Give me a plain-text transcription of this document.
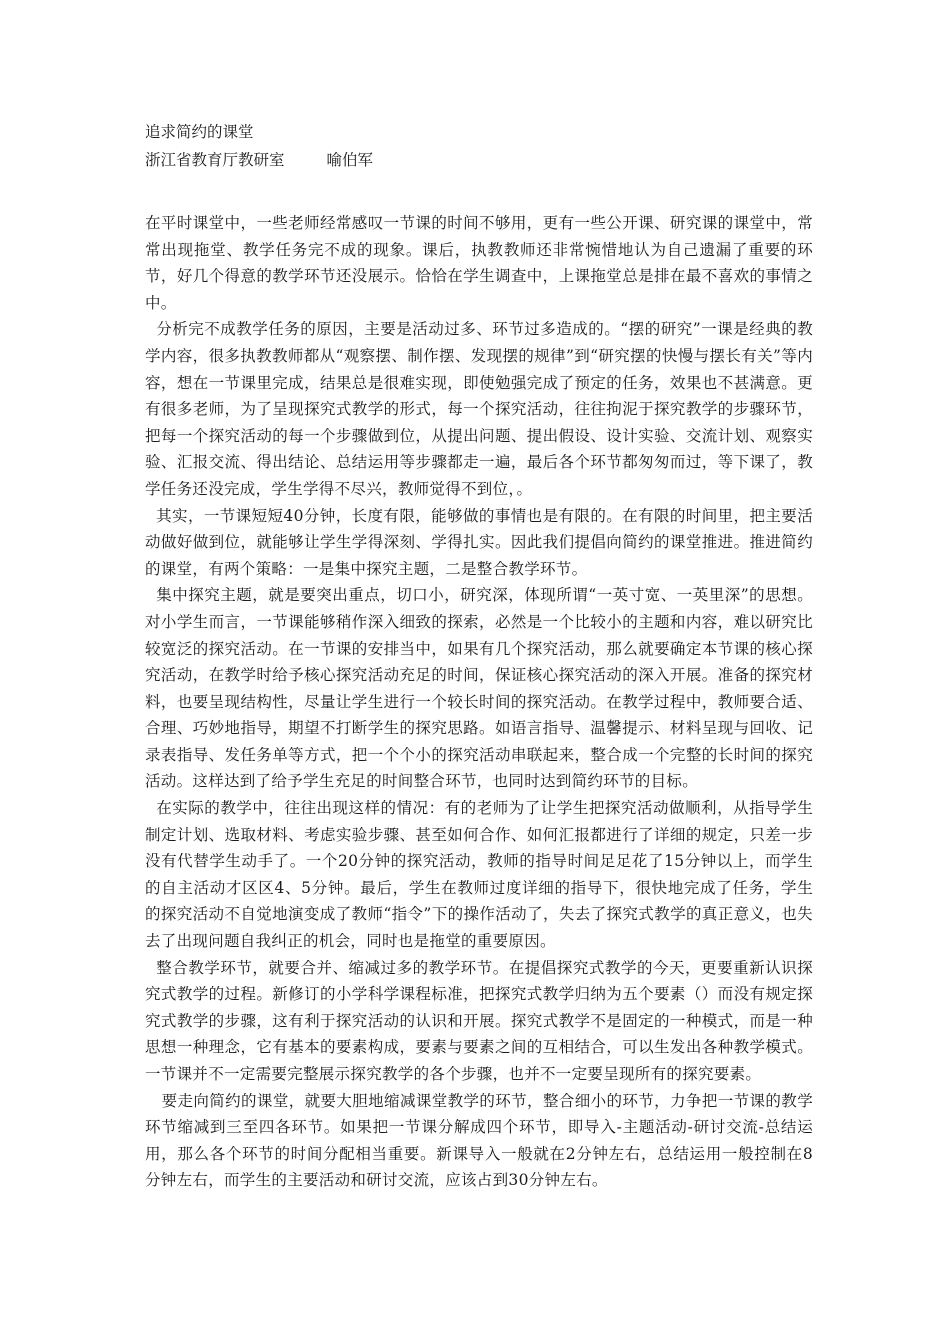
追求简约的课堂

浙江省教育厅教研室	喻伯军

在平时课堂中，一些老师经常感叹一节课的时间不够用，更有一些公开课、研究课的课堂中，常常出现拖堂、教学任务完不成的现象。课后，执教教师还非常惋惜地认为自己遗漏了重要的环节，好几个得意的教学环节还没展示。恰恰在学生调查中，上课拖堂总是排在最不喜欢的事情之中。

分析完不成教学任务的原因，主要是活动过多、环节过多造成的。“摆的研究”一课是经典的教学内容，很多执教教师都从“观察摆、制作摆、发现摆的规律”到“研究摆的快慢与摆长有关”等内容，想在一节课里完成，结果总是很难实现，即使勉强完成了预定的任务，效果也不甚满意。更有很多老师，为了呈现探究式教学的形式，每一个探究活动，往往拘泥于探究教学的步骤环节，把每一个探究活动的每一个步骤做到位，从提出问题、提出假设、设计实验、交流计划、观察实验、汇报交流、得出结论、总结运用等步骤都走一遍，最后各个环节都匆匆而过，等下课了，教学任务还没完成，学生学得不尽兴，教师觉得不到位，。

其实，一节课短短40分钟，长度有限，能够做的事情也是有限的。在有限的时间里，把主要活动做好做到位，就能够让学生学得深刻、学得扎实。因此我们提倡向简约的课堂推进。推进简约的课堂，有两个策略：一是集中探究主题，二是整合教学环节。

集中探究主题，就是要突出重点，切口小，研究深，体现所谓“一英寸宽、一英里深”的思想。对小学生而言，一节课能够稍作深入细致的探索，必然是一个比较小的主题和内容，难以研究比较宽泛的探究活动。在一节课的安排当中，如果有几个探究活动，那么就要确定本节课的核心探究活动，在教学时给予核心探究活动充足的时间，保证核心探究活动的深入开展。准备的探究材料，也要呈现结构性，尽量让学生进行一个较长时间的探究活动。在教学过程中，教师要合适、合理、巧妙地指导，期望不打断学生的探究思路。如语言指导、温馨提示、材料呈现与回收、记录表指导、发任务单等方式，把一个个小的探究活动串联起来，整合成一个完整的长时间的探究活动。这样达到了给予学生充足的时间整合环节，也同时达到简约环节的目标。

在实际的教学中，往往出现这样的情况：有的老师为了让学生把探究活动做顺利，从指导学生制定计划、选取材料、考虑实验步骤、甚至如何合作、如何汇报都进行了详细的规定，只差一步没有代替学生动手了。一个20分钟的探究活动，教师的指导时间足足花了15分钟以上，而学生的自主活动才区区4、5分钟。最后，学生在教师过度详细的指导下，很快地完成了任务，学生的探究活动不自觉地演变成了教师“指令”下的操作活动了，失去了探究式教学的真正意义，也失去了出现问题自我纠正的机会，同时也是拖堂的重要原因。

整合教学环节，就要合并、缩减过多的教学环节。在提倡探究式教学的今天，更要重新认识探究式教学的过程。新修订的小学科学课程标准，把探究式教学归纳为五个要素（）而没有规定探究式教学的步骤，这有利于探究活动的认识和开展。探究式教学不是固定的一种模式，而是一种思想一种理念，它有基本的要素构成，要素与要素之间的互相结合，可以生发出各种教学模式。一节课并不一定需要完整展示探究教学的各个步骤，也并不一定要呈现所有的探究要素。

要走向简约的课堂，就要大胆地缩减课堂教学的环节，整合细小的环节，力争把一节课的教学环节缩减到三至四各环节。如果把一节课分解成四个环节，即导入-主题活动-研讨交流-总结运用，那么各个环节的时间分配相当重要。新课导入一般就在2分钟左右，总结运用一般控制在8分钟左右，而学生的主要活动和研讨交流，应该占到30分钟左右。
